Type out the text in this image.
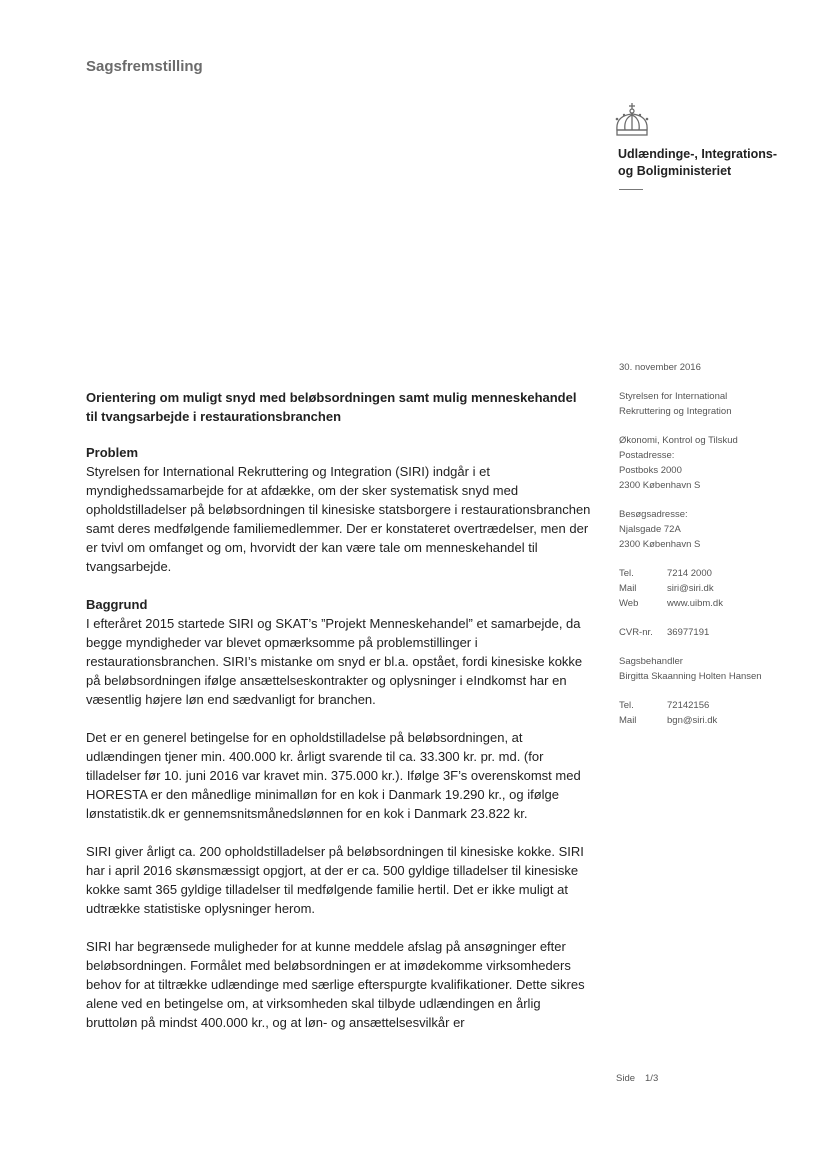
Sagsfremstilling
Udlændinge-, Integrations-
og Boligministeriet
Orientering om muligt snyd med beløbsordningen samt mulig menneskehandel
til tvangsarbejde i restaurationsbranchen
Problem
Styrelsen for International Rekruttering og Integration (SIRI) indgår i et myndighedssamarbejde for at afdække, om der sker systematisk snyd med opholdstilladelser på beløbsordningen til kinesiske statsborgere i restaurationsbranchen samt deres medfølgende familiemedlemmer. Der er konstateret overtrædelser, men der er tvivl om omfanget og om, hvorvidt der kan være tale om menneskehandel til tvangsarbejde.
Baggrund
I efteråret 2015 startede SIRI og SKAT’s ”Projekt Menneskehandel” et samarbejde, da begge myndigheder var blevet opmærksomme på problemstillinger i restaurationsbranchen. SIRI’s mistanke om snyd er bl.a. opstået, fordi kinesiske kokke på beløbsordningen ifølge ansættelseskontrakter og oplysninger i eIndkomst har en væsentlig højere løn end sædvanligt for branchen.

Det er en generel betingelse for en opholdstilladelse på beløbsordningen, at udlændingen tjener min. 400.000 kr. årligt svarende til ca. 33.300 kr. pr. md. (for tilladelser før 10. juni 2016 var kravet min. 375.000 kr.). Ifølge 3F’s overenskomst med HORESTA er den månedlige minimalløn for en kok i Danmark 19.290 kr., og ifølge lønstatistik.dk er gennemsnitsmånedslønnen for en kok i Danmark 23.822 kr.

SIRI giver årligt ca. 200 opholdstilladelser på beløbsordningen til kinesiske kokke. SIRI har i april 2016 skønsmæssigt opgjort, at der er ca. 500 gyldige tilladelser til kinesiske kokke samt 365 gyldige tilladelser til medfølgende familie hertil. Det er ikke muligt at udtrække statistiske oplysninger herom.

SIRI har begrænsede muligheder for at kunne meddele afslag på ansøgninger efter beløbsordningen. Formålet med beløbsordningen er at imødekomme virksomheders behov for at tiltrække udlændinge med særlige efterspurgte kvalifikationer. Dette sikres alene ved en betingelse om, at virksomheden skal tilbyde udlændingen en årlig bruttoløn på mindst 400.000 kr., og at løn- og ansættelsesvilkår er

30. november 2016
Styrelsen for International
Rekruttering og Integration
Økonomi, Kontrol og Tilskud
Postadresse:
Postboks 2000
2300 København S
Besøgsadresse:
Njalsgade 72A
2300 København S
Tel.	7214 2000
Mail	siri@siri.dk
Web	www.uibm.dk
CVR-nr.	36977191
Sagsbehandler
Birgitta Skaanning Holten Hansen
Tel.	72142156
Mail	bgn@siri.dk
Side 1/3
